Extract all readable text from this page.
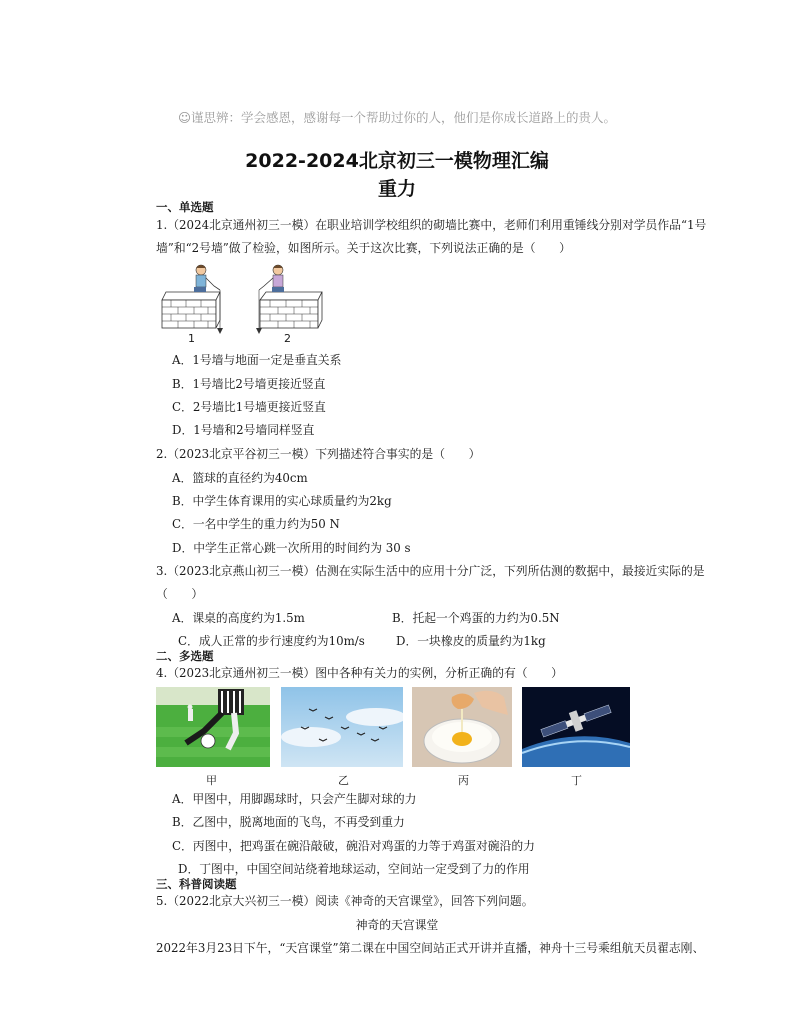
☺谨思辨：学会感恩，感谢每一个帮助过你的人，他们是你成长道路上的贵人。
2022-2024北京初三一模物理汇编
重力
一、单选题
1.（2024北京通州初三一模）在职业培训学校组织的砌墙比赛中，老师们利用重锤线分别对学员作品“1号
墙”和“2号墙”做了检验，如图所示。关于这次比赛，下列说法正确的是（　　）
1	2
A．1号墙与地面一定是垂直关系
B．1号墙比2号墙更接近竖直
C．2号墙比1号墙更接近竖直
D．1号墙和2号墙同样竖直
2.（2023北京平谷初三一模）下列描述符合事实的是（　　）
A．篮球的直径约为40cm
B．中学生体育课用的实心球质量约为2kg
C．一名中学生的重力约为50 N
D．中学生正常心跳一次所用的时间约为 30 s
3.（2023北京燕山初三一模）估测在实际生活中的应用十分广泛，下列所估测的数据中，最接近实际的是
（　　）
A．课桌的高度约为1.5m	B．托起一个鸡蛋的力约为0.5N
C．成人正常的步行速度约为10m/s	D．一块橡皮的质量约为1kg
二、多选题
4.（2023北京通州初三一模）图中各种有关力的实例，分析正确的有（　　）
甲	乙	丙	丁
A．甲图中，用脚踢球时，只会产生脚对球的力
B．乙图中，脱离地面的飞鸟，不再受到重力
C．丙图中，把鸡蛋在碗沿敲破，碗沿对鸡蛋的力等于鸡蛋对碗沿的力
D．丁图中，中国空间站绕着地球运动，空间站一定受到了力的作用
三、科普阅读题
5.（2022北京大兴初三一模）阅读《神奇的天宫课堂》，回答下列问题。
神奇的天宫课堂
2022年3月23日下午，“天宫课堂”第二课在中国空间站正式开讲并直播，神舟十三号乘组航天员翟志刚、
